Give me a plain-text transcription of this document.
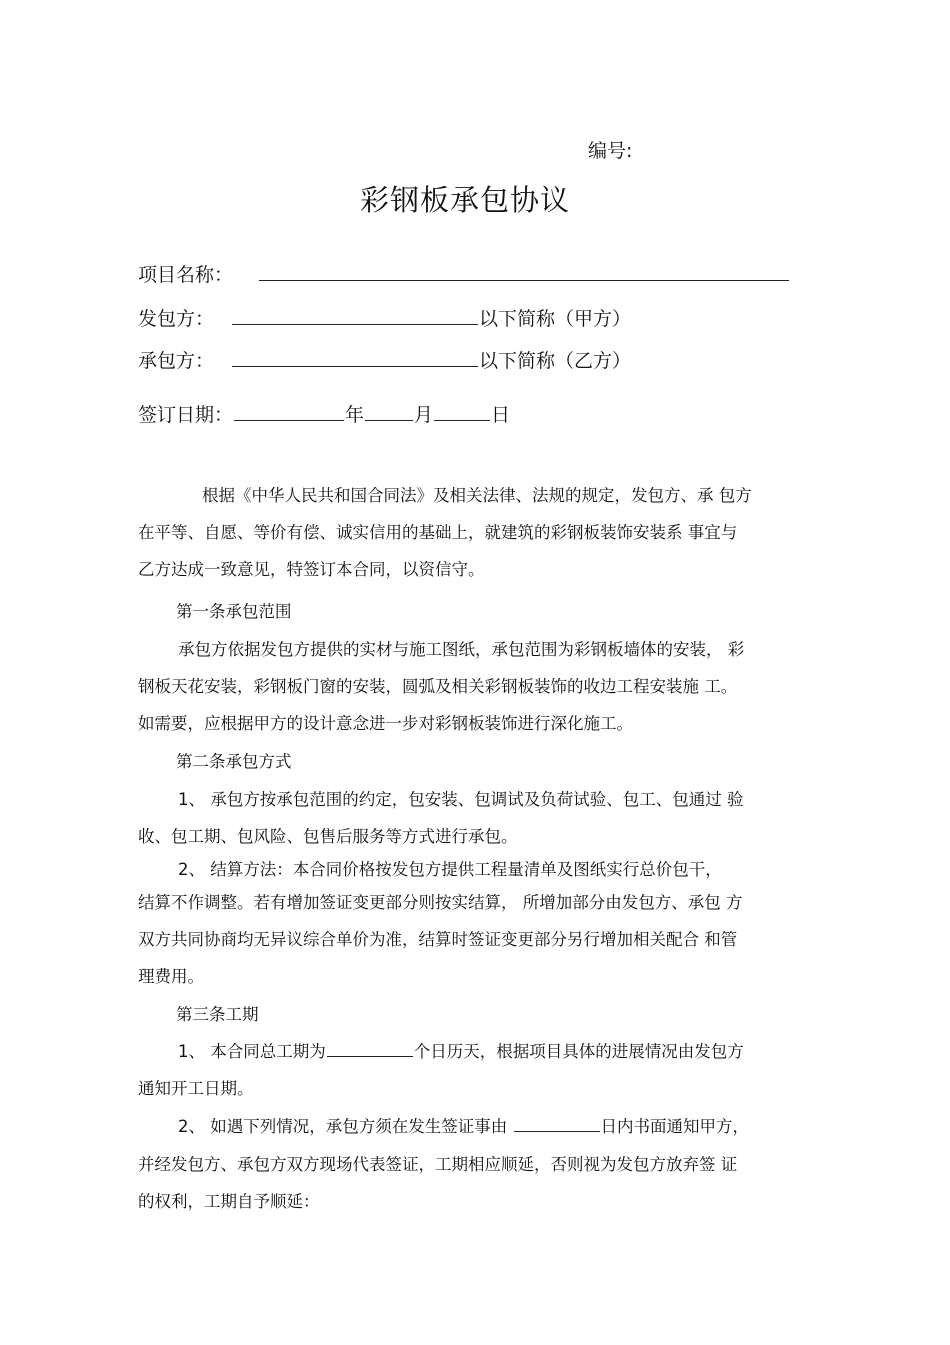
编号:
彩钢板承包协议
项目名称：
发包方：	以下简称（甲方）
承包方：	以下简称（乙方）
签订日期：	年	月	日
根据《中华人民共和国合同法》及相关法律、法规的规定，发包方、承 包方
在平等、自愿、等价有偿、诚实信用的基础上，就建筑的彩钢板装饰安装系 事宜与
乙方达成一致意见，特签订本合同，以资信守。
第一条承包范围
承包方依据发包方提供的实材与施工图纸，承包范围为彩钢板墙体的安装， 彩
钢板天花安装，彩钢板门窗的安装，圆弧及相关彩钢板装饰的收边工程安装施 工。
如需要，应根据甲方的设计意念进一步对彩钢板装饰进行深化施工。
第二条承包方式
1、 承包方按承包范围的约定，包安装、包调试及负荷试验、包工、包通过 验
收、包工期、包风险、包售后服务等方式进行承包。
2、 结算方法：本合同价格按发包方提供工程量清单及图纸实行总价包干，
结算不作调整。若有增加签证变更部分则按实结算， 所增加部分由发包方、承包 方
双方共同协商均无异议综合单价为准，结算时签证变更部分另行增加相关配合 和管
理费用。
第三条工期
1、 本合同总工期为	个日历天，根据项目具体的进展情况由发包方
通知开工日期。
2、 如遇下列情况，承包方须在发生签证事由	日内书面通知甲方，
并经发包方、承包方双方现场代表签证，工期相应顺延，否则视为发包方放弃签 证
的权利，工期自予顺延：
